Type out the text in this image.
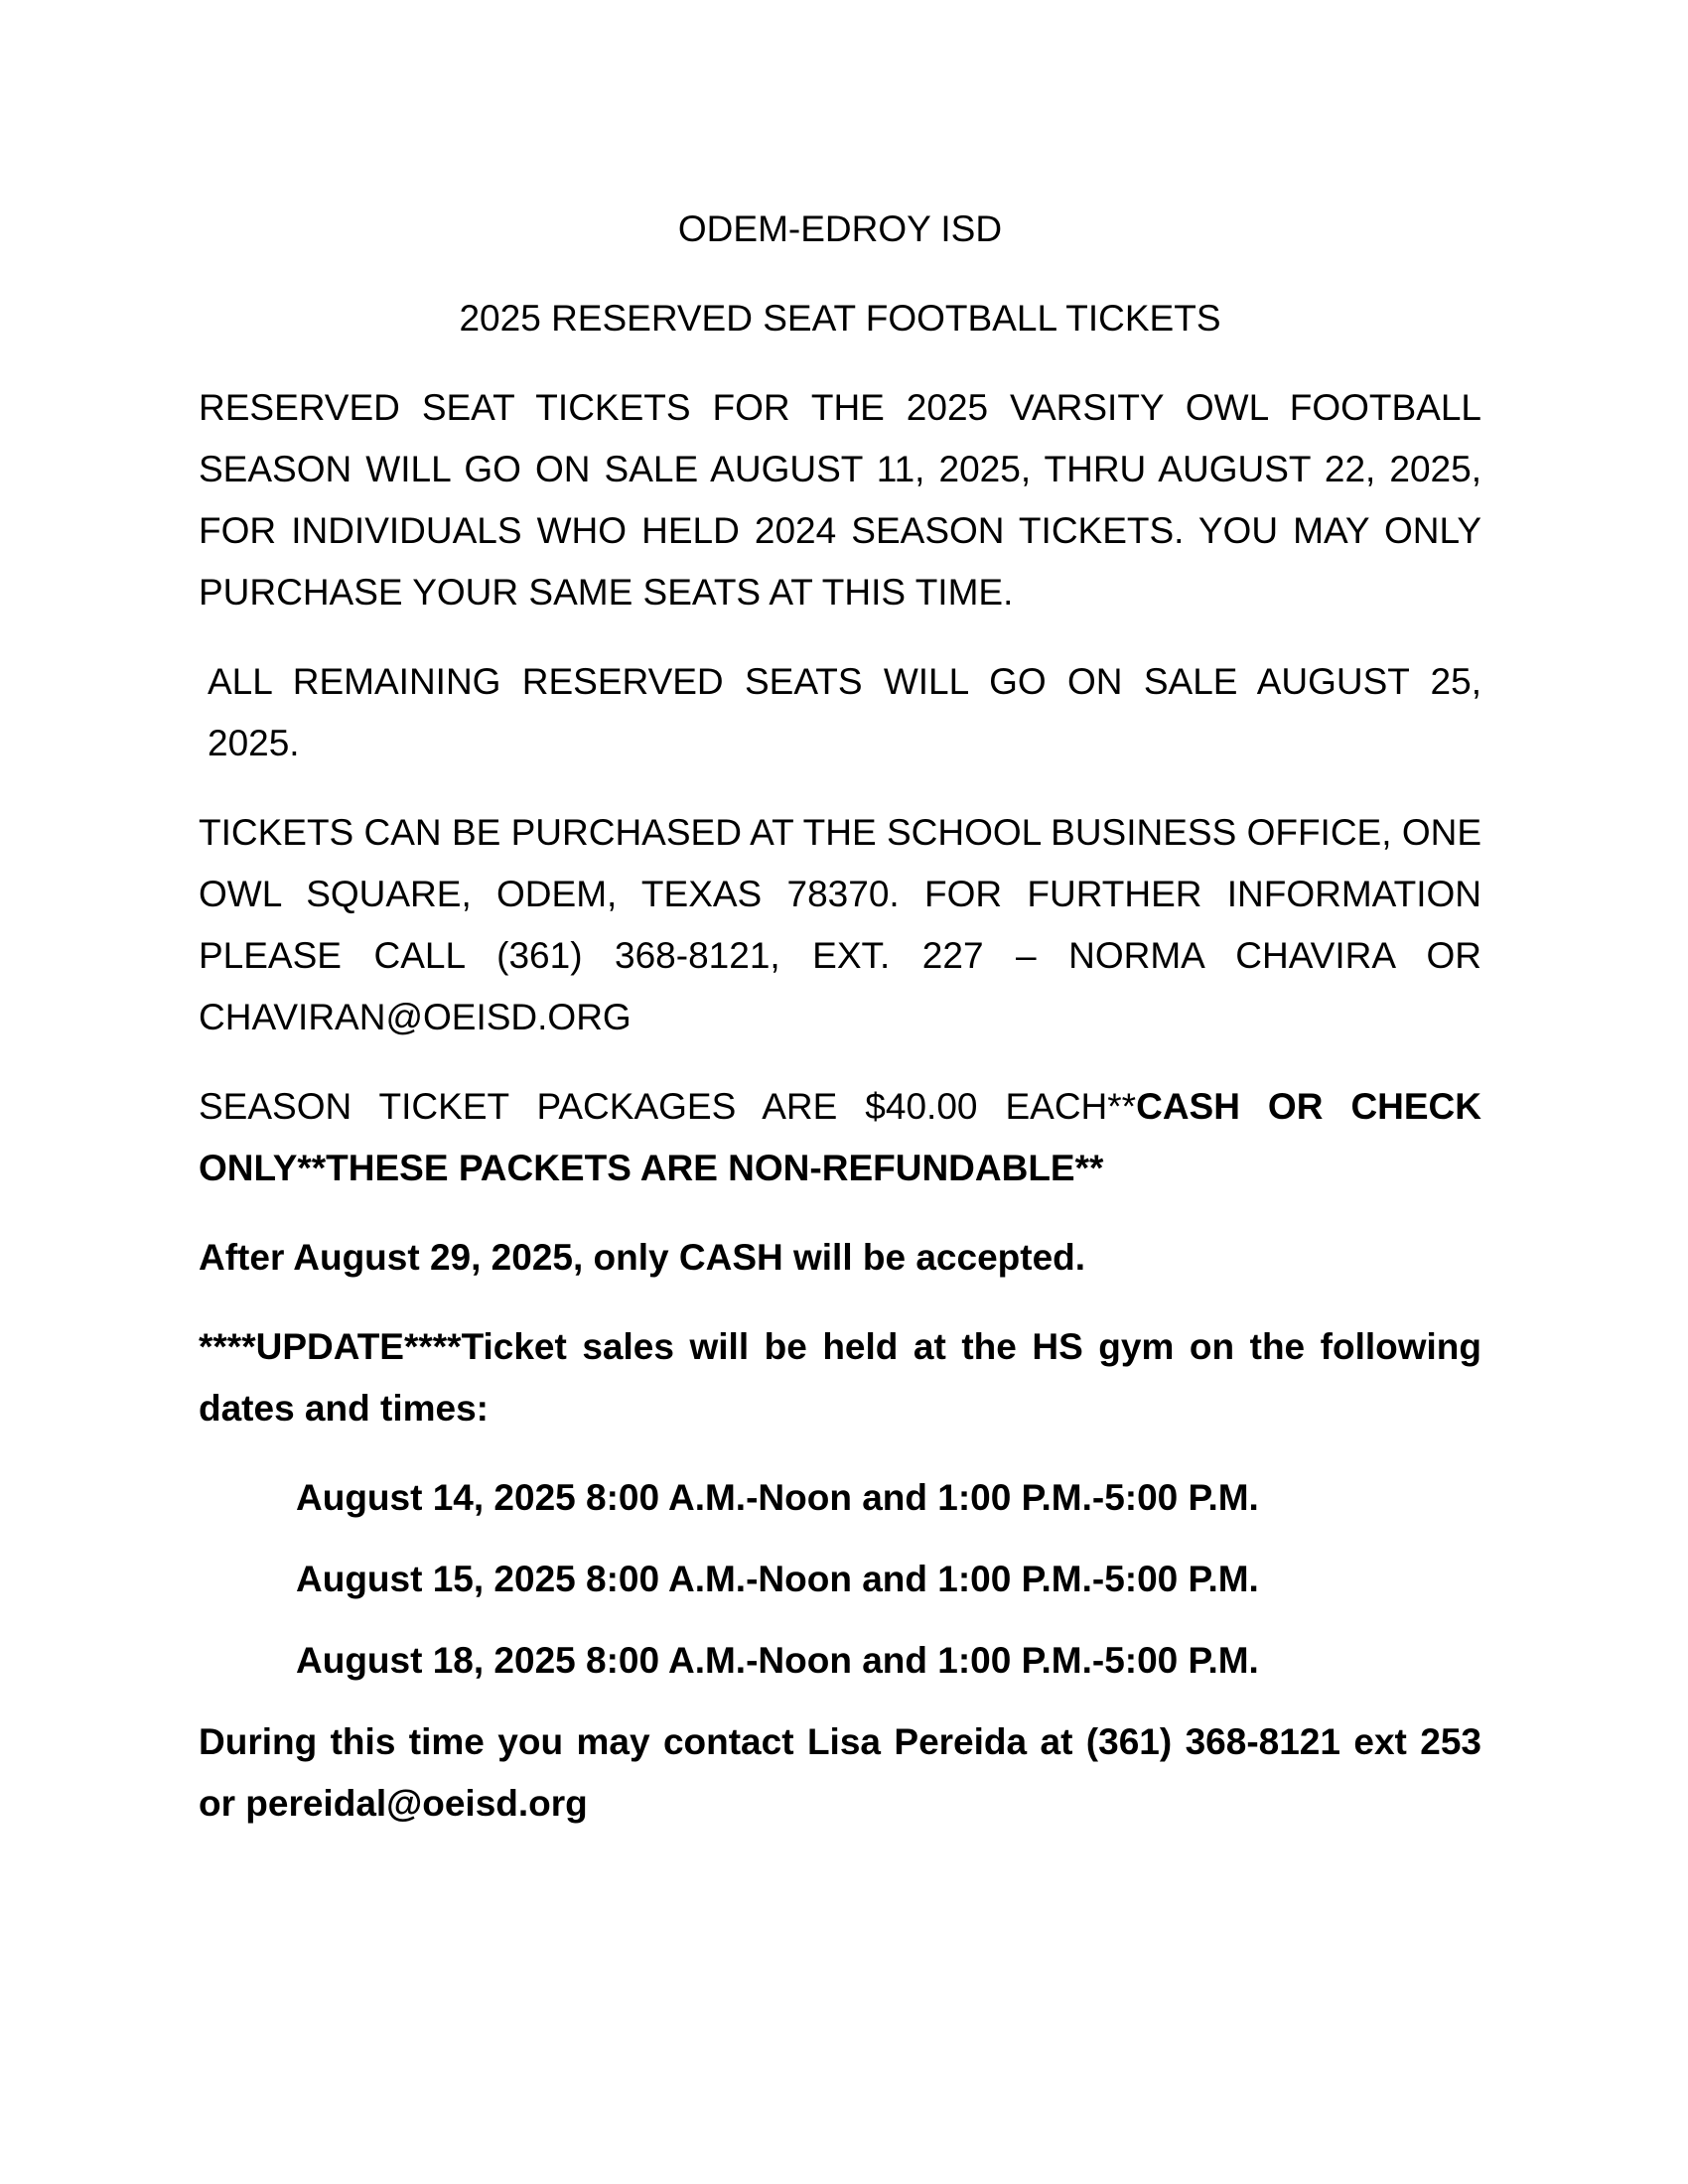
ODEM-EDROY ISD
2025 RESERVED SEAT FOOTBALL TICKETS

RESERVED SEAT TICKETS FOR THE 2025 VARSITY OWL FOOTBALL SEASON WILL GO ON SALE AUGUST 11, 2025, THRU AUGUST 22, 2025, FOR INDIVIDUALS WHO HELD 2024 SEASON TICKETS. YOU MAY ONLY PURCHASE YOUR SAME SEATS AT THIS TIME.

ALL REMAINING RESERVED SEATS WILL GO ON SALE AUGUST 25, 2025.

TICKETS CAN BE PURCHASED AT THE SCHOOL BUSINESS OFFICE, ONE OWL SQUARE, ODEM, TEXAS 78370. FOR FURTHER INFORMATION PLEASE CALL (361) 368-8121, EXT. 227 – NORMA CHAVIRA OR CHAVIRAN@OEISD.ORG

SEASON TICKET PACKAGES ARE $40.00 EACH**CASH OR CHECK ONLY**THESE PACKETS ARE NON-REFUNDABLE**

After August 29, 2025, only CASH will be accepted.

****UPDATE****Ticket sales will be held at the HS gym on the following dates and times:

August 14, 2025 8:00 A.M.-Noon and 1:00 P.M.-5:00 P.M.
August 15, 2025 8:00 A.M.-Noon and 1:00 P.M.-5:00 P.M.
August 18, 2025 8:00 A.M.-Noon and 1:00 P.M.-5:00 P.M.

During this time you may contact Lisa Pereida at (361) 368-8121 ext 253 or pereidal@oeisd.org
